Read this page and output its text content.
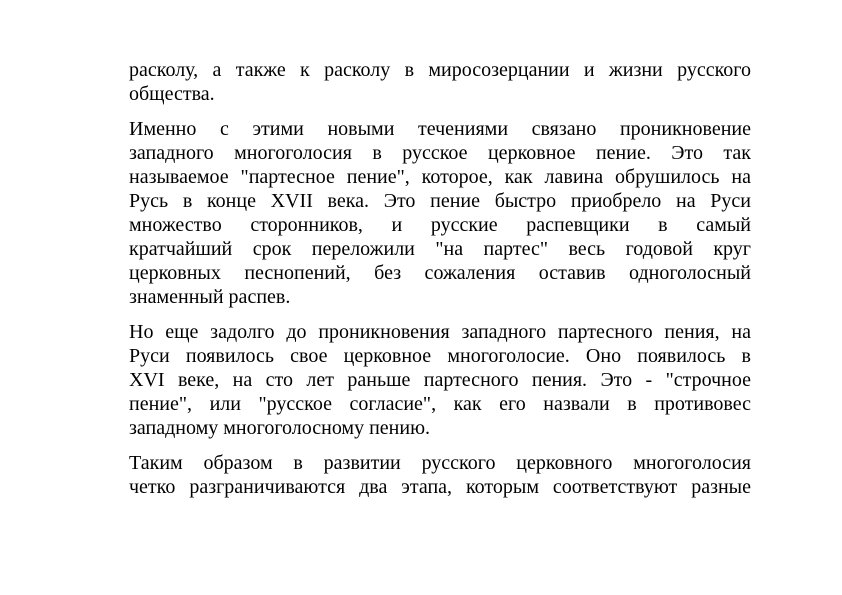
расколу, а также к расколу в миросозерцании и жизни русского
общества.

Именно с этими новыми течениями связано проникновение
западного многоголосия в русское церковное пение. Это так
называемое "партесное пение", которое, как лавина обрушилось на
Русь в конце XVII века. Это пение быстро приобрело на Руси
множество сторонников, и русские распевщики в самый
кратчайший срок переложили "на партес" весь годовой круг
церковных песнопений, без сожаления оставив одноголосный
знаменный распев.

Но еще задолго до проникновения западного партесного пения, на
Руси появилось свое церковное многоголосие. Оно появилось в
XVI веке, на сто лет раньше партесного пения. Это - "строчное
пение", или "русское согласие", как его назвали в противовес
западному многоголосному пению.

Таким образом в развитии русского церковного многоголосия
четко разграничиваются два этапа, которым соответствуют разные
